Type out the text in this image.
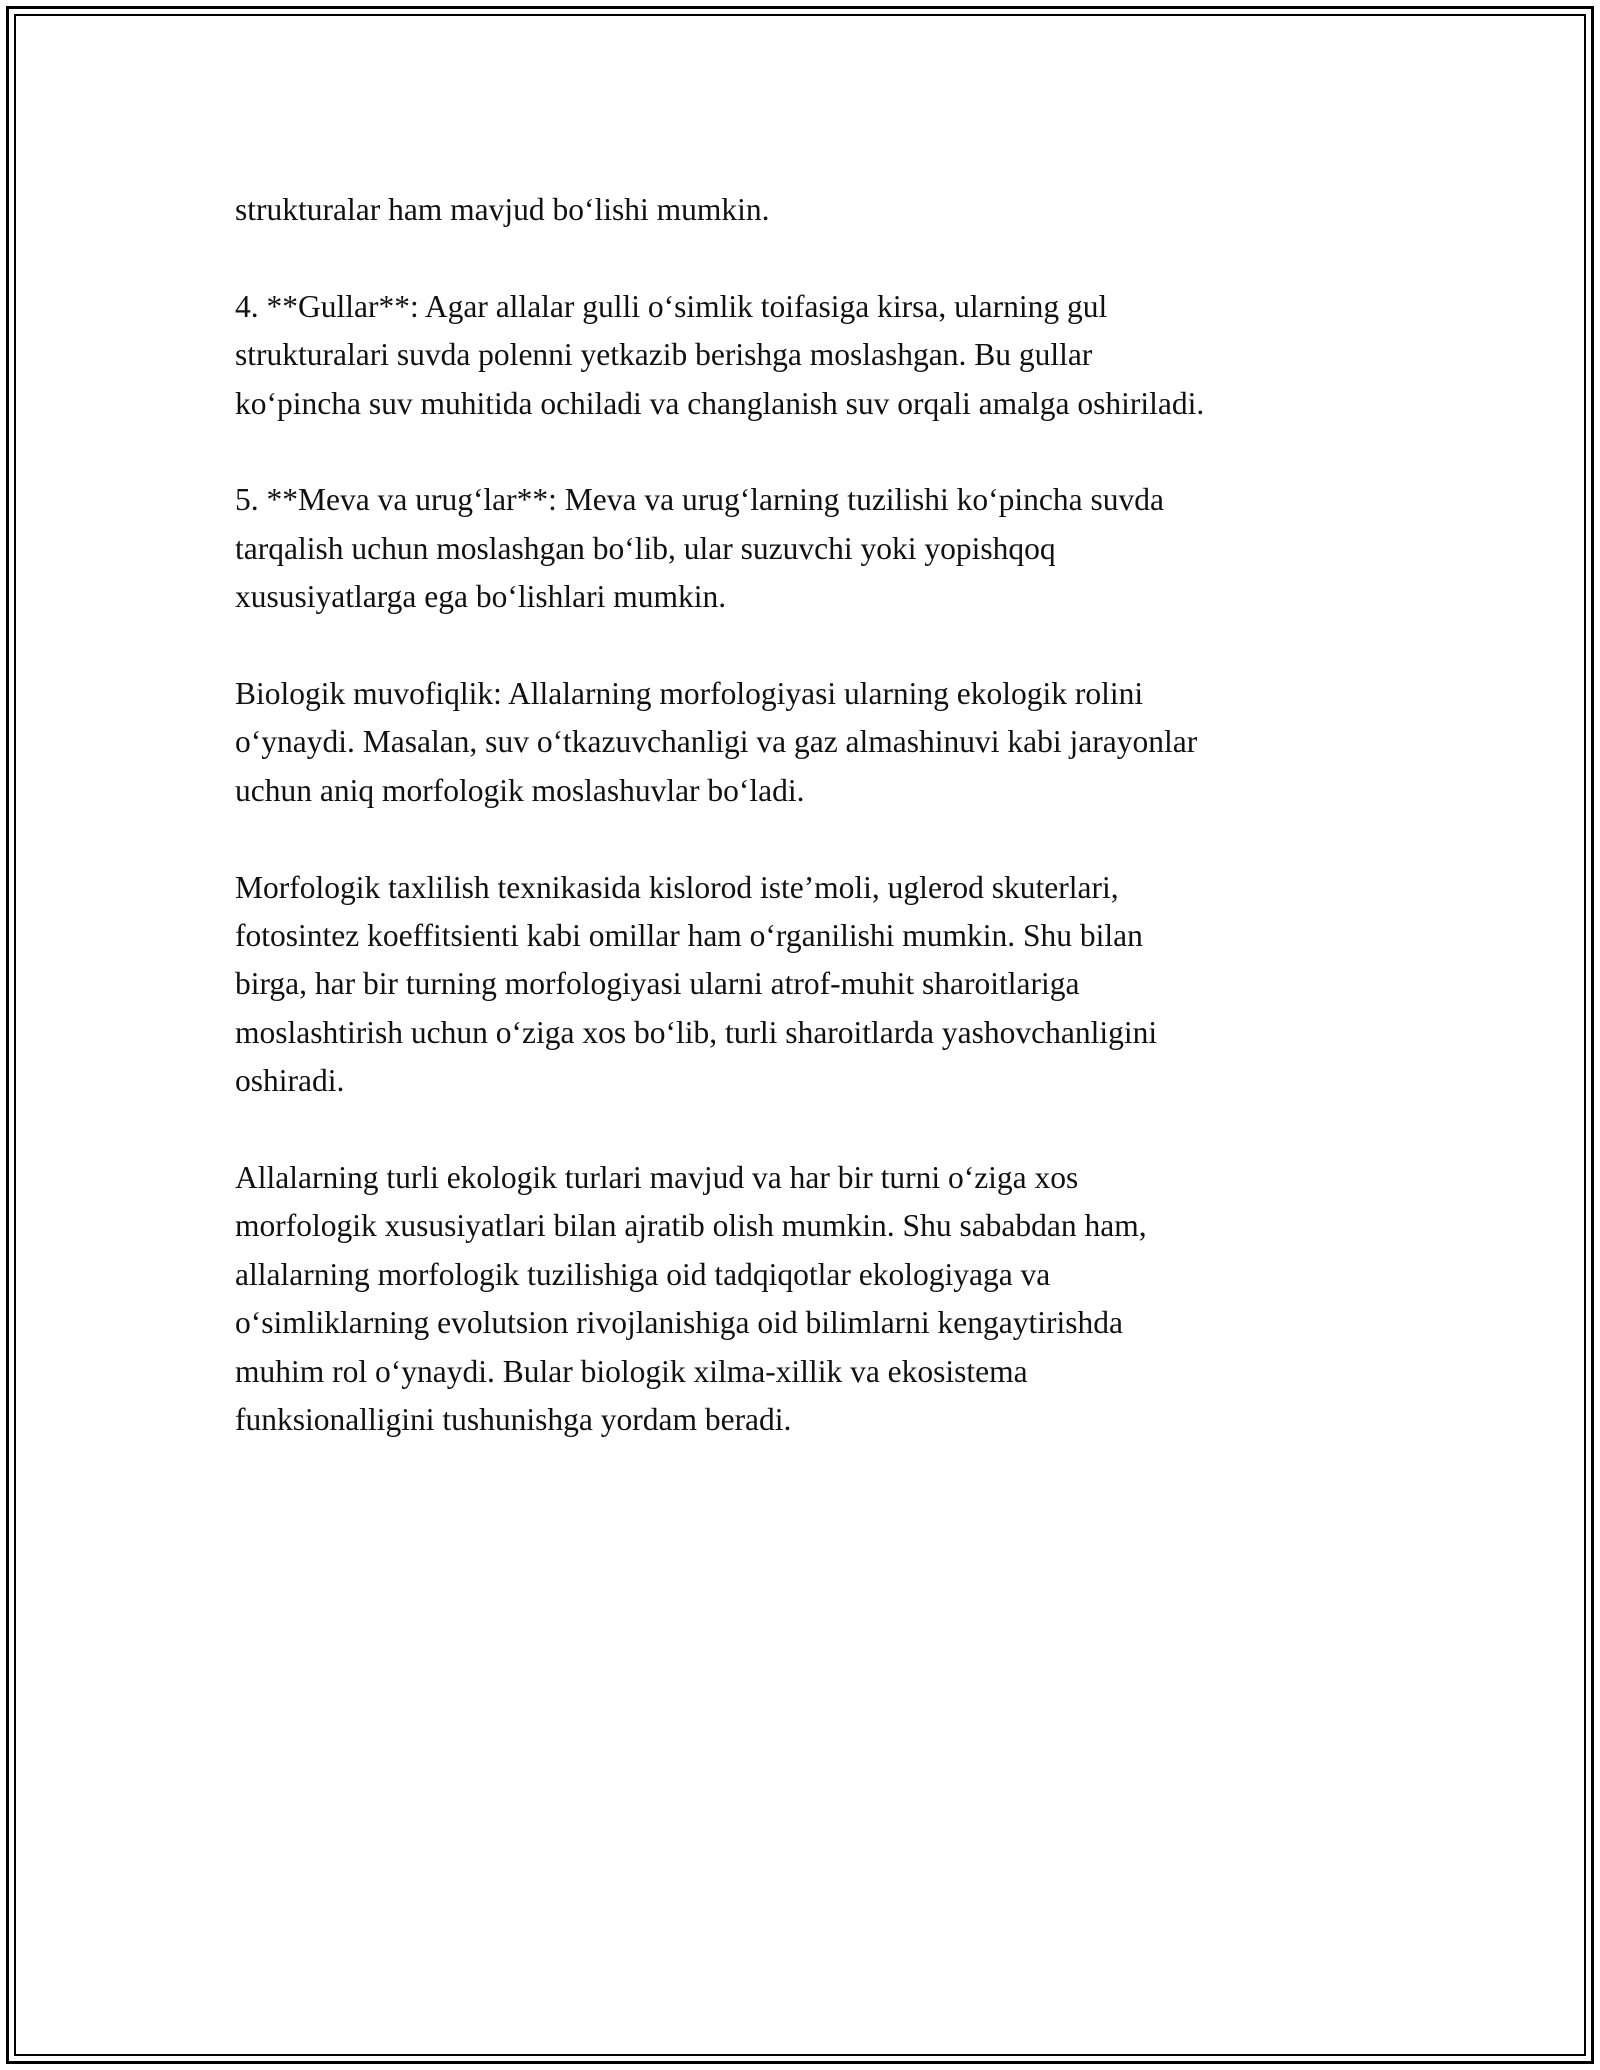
strukturalar ham mavjud bo‘lishi mumkin.

4. **Gullar**: Agar allalar gulli o‘simlik toifasiga kirsa, ularning gul
strukturalari suvda polenni yetkazib berishga moslashgan. Bu gullar
ko‘pincha suv muhitida ochiladi va changlanish suv orqali amalga oshiriladi.

5. **Meva va urug‘lar**: Meva va urug‘larning tuzilishi ko‘pincha suvda
tarqalish uchun moslashgan bo‘lib, ular suzuvchi yoki yopishqoq
xususiyatlarga ega bo‘lishlari mumkin.

Biologik muvofiqlik: Allalarning morfologiyasi ularning ekologik rolini
o‘ynaydi. Masalan, suv o‘tkazuvchanligi va gaz almashinuvi kabi jarayonlar
uchun aniq morfologik moslashuvlar bo‘ladi.

Morfologik taxlilish texnikasida kislorod iste’moli, uglerod skuterlari,
fotosintez koeffitsienti kabi omillar ham o‘rganilishi mumkin. Shu bilan
birga, har bir turning morfologiyasi ularni atrof-muhit sharoitlariga
moslashtirish uchun o‘ziga xos bo‘lib, turli sharoitlarda yashovchanligini
oshiradi.

Allalarning turli ekologik turlari mavjud va har bir turni o‘ziga xos
morfologik xususiyatlari bilan ajratib olish mumkin. Shu sababdan ham,
allalarning morfologik tuzilishiga oid tadqiqotlar ekologiyaga va
o‘simliklarning evolutsion rivojlanishiga oid bilimlarni kengaytirishda
muhim rol o‘ynaydi. Bular biologik xilma-xillik va ekosistema
funksionalligini tushunishga yordam beradi.
